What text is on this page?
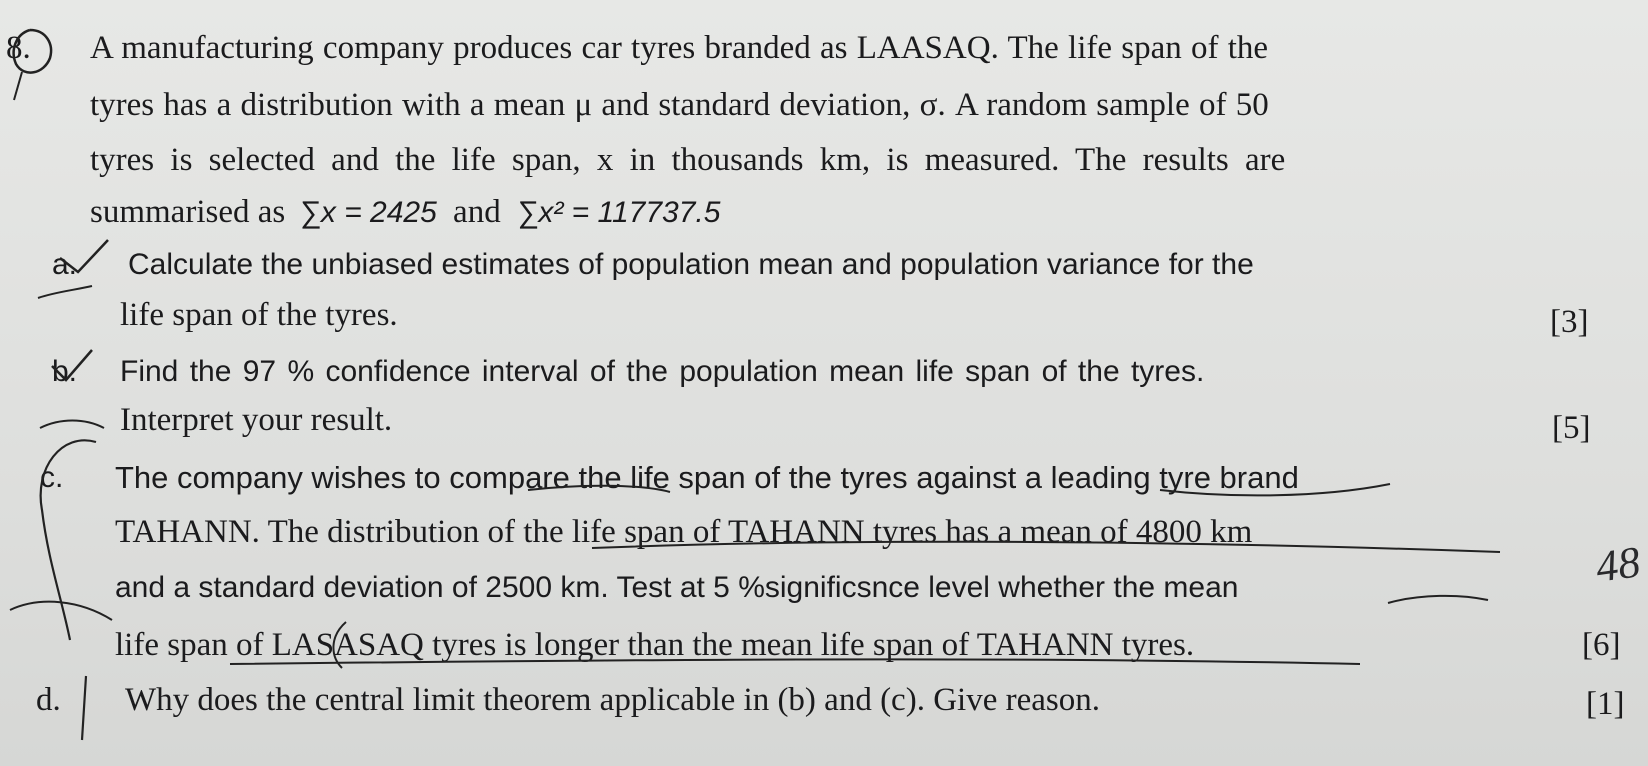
8. A manufacturing company produces car tyres branded as LAASAQ. The life span of the
tyres has a distribution with a mean μ and standard deviation, σ. A random sample of 50
tyres is selected and the life span, x in thousands km, is measured. The results are
summarised as ∑x = 2425 and ∑x² = 117737.5
a. Calculate the unbiased estimates of population mean and population variance for the
life span of the tyres.	[3]
b. Find the 97 % confidence interval of the population mean life span of the tyres.
Interpret your result.	[5]
c. The company wishes to compare the life span of the tyres against a leading tyre brand
TAHANN. The distribution of the life span of TAHANN tyres has a mean of 4800 km
and a standard deviation of 2500 km. Test at 5 %significsnce level whether the mean
life span of LASASAQ tyres is longer than the mean life span of TAHANN tyres.	[6]
d. Why does the central limit theorem applicable in (b) and (c). Give reason.	[1]
48
